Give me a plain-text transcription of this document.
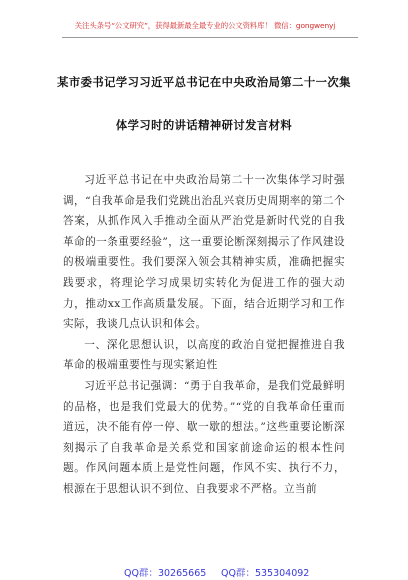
关注头条号“公文研究”，获得最新最全最专业的公文资料库！ 微信：gongwenyj
某市委书记学习习近平总书记在中央政治局第二十一次集
体学习时的讲话精神研讨发言材料

习近平总书记在中央政治局第二十一次集体学习时强调，“自我革命是我们党跳出治乱兴衰历史周期率的第二个答案，从抓作风入手推动全面从严治党是新时代党的自我革命的一条重要经验”，这一重要论断深刻揭示了作风建设的极端重要性。我们要深入领会其精神实质，准确把握实践要求，将理论学习成果切实转化为促进工作的强大动力，推动xx工作高质量发展。下面，结合近期学习和工作实际，我谈几点认识和体会。

一、深化思想认识，以高度的政治自觉把握推进自我革命的极端重要性与现实紧迫性

习近平总书记强调：“勇于自我革命，是我们党最鲜明的品格，也是我们党最大的优势。”“党的自我革命任重而道远，决不能有停一停、歇一歇的想法。”这些重要论断深刻揭示了自我革命是关系党和国家前途命运的根本性问题。作风问题本质上是党性问题，作风不实、执行不力，根源在于思想认识不到位、自我要求不严格。立当前

QQ群：30265665 QQ群：535304092
